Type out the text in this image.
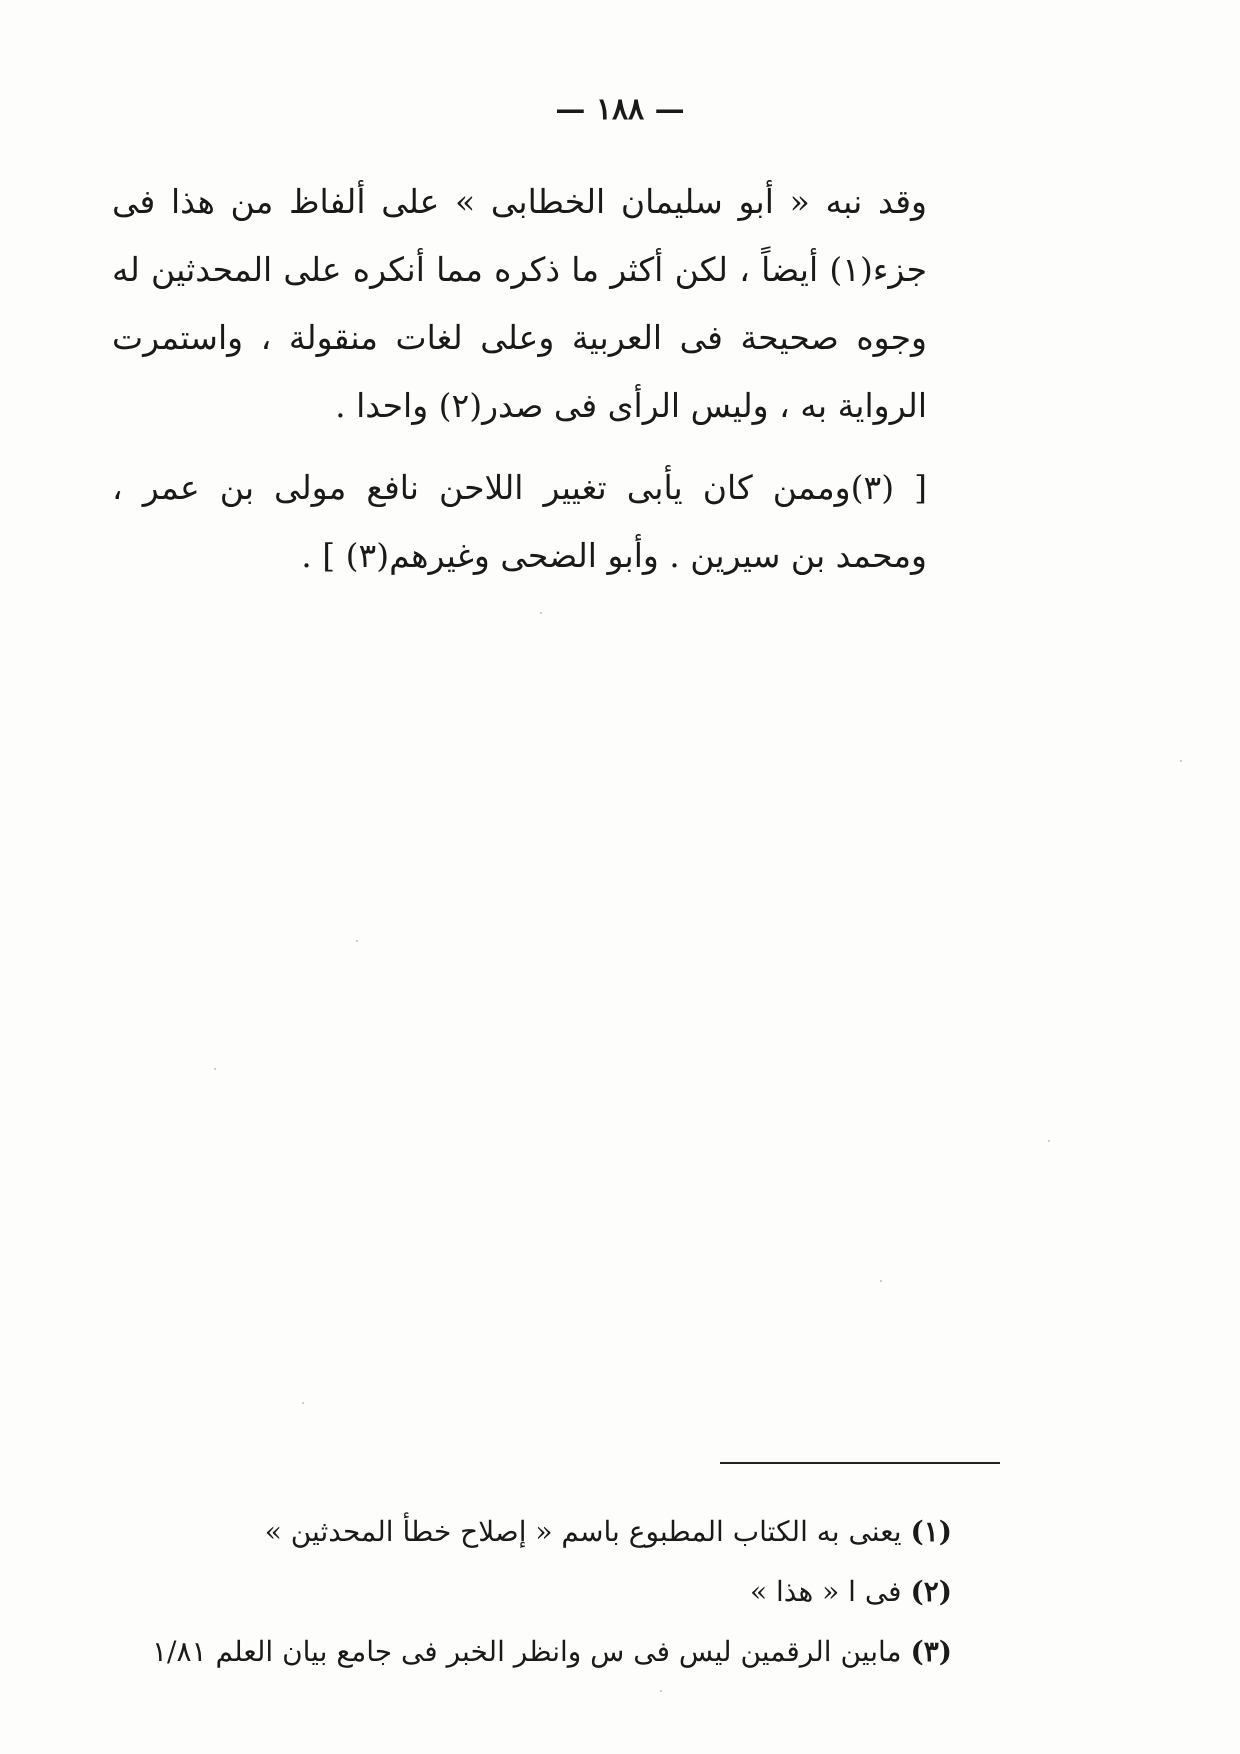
— ١٨٨ —

وقد نبه « أبو سليمان الخطابى » على ألفاظ من هذا فى جزء(١) أيضاً ، لكن أكثر ما ذكره مما أنكره على المحدثين له وجوه صحيحة فى العربية وعلى لغات منقولة ، واستمرت الرواية به ، وليس الرأى فى صدر(٢) واحدا .

[ (٣)وممن كان يأبى تغيير اللاحن نافع مولى بن عمر ، ومحمد بن سيرين . وأبو الضحى وغيرهم(٣) ] .

(١) يعنى به الكتاب المطبوع باسم « إصلاح خطأ المحدثين »

(٢) فى ا « هذا »

(٣) مابين الرقمين ليس فى س وانظر الخبر فى جامع بيان العلم ١/٨١
